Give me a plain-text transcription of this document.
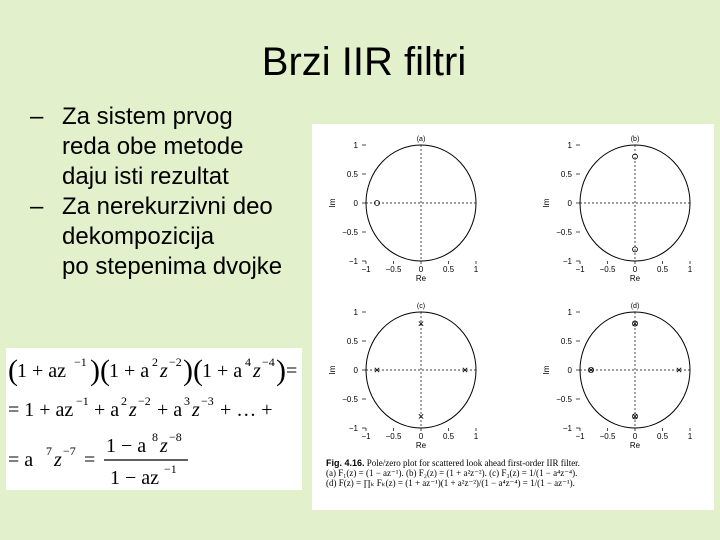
Brzi IIR filtri
– Za sistem prvog
reda obe metode
daju isti rezultat
– Za nerekurzivni deo
dekompozicija
po stepenima dvojke
( 1 + az −1 )( 1 + a 2 z −2 )( 1 + a 4 z −4 ) =
= 1 + az −1 + a 2 z −2 + a 3 z −3 + … +
= a 7 z −7 =
1 − a 8 z −8
1 − az −1
(a)
1
0.5
0
−0.5
−1
−1 −0.5 0 0.5 1
Re
Im
(b)
1
0.5
0
−0.5
−1
−1 −0.5 0 0.5 1
Re
Im
(c)
1
0.5
0
−0.5
−1
−1 −0.5 0 0.5 1
Re
Im
(d)
1
0.5
0
−0.5
−1
−1 −0.5 0 0.5 1
Re
Im
Fig. 4.16. Pole/zero plot for scattered look ahead first-order IIR filter.
(a) F₁(z) = (1 − az⁻¹). (b) F₂(z) = (1 + a²z⁻²). (c) F₃(z) = 1/(1 − a⁴z⁻⁴).
(d) F(z) = ∏ₖ Fₖ(z) = (1 + az⁻¹)(1 + a²z⁻²)/(1 − a⁴z⁻⁴) = 1/(1 − az⁻¹).
